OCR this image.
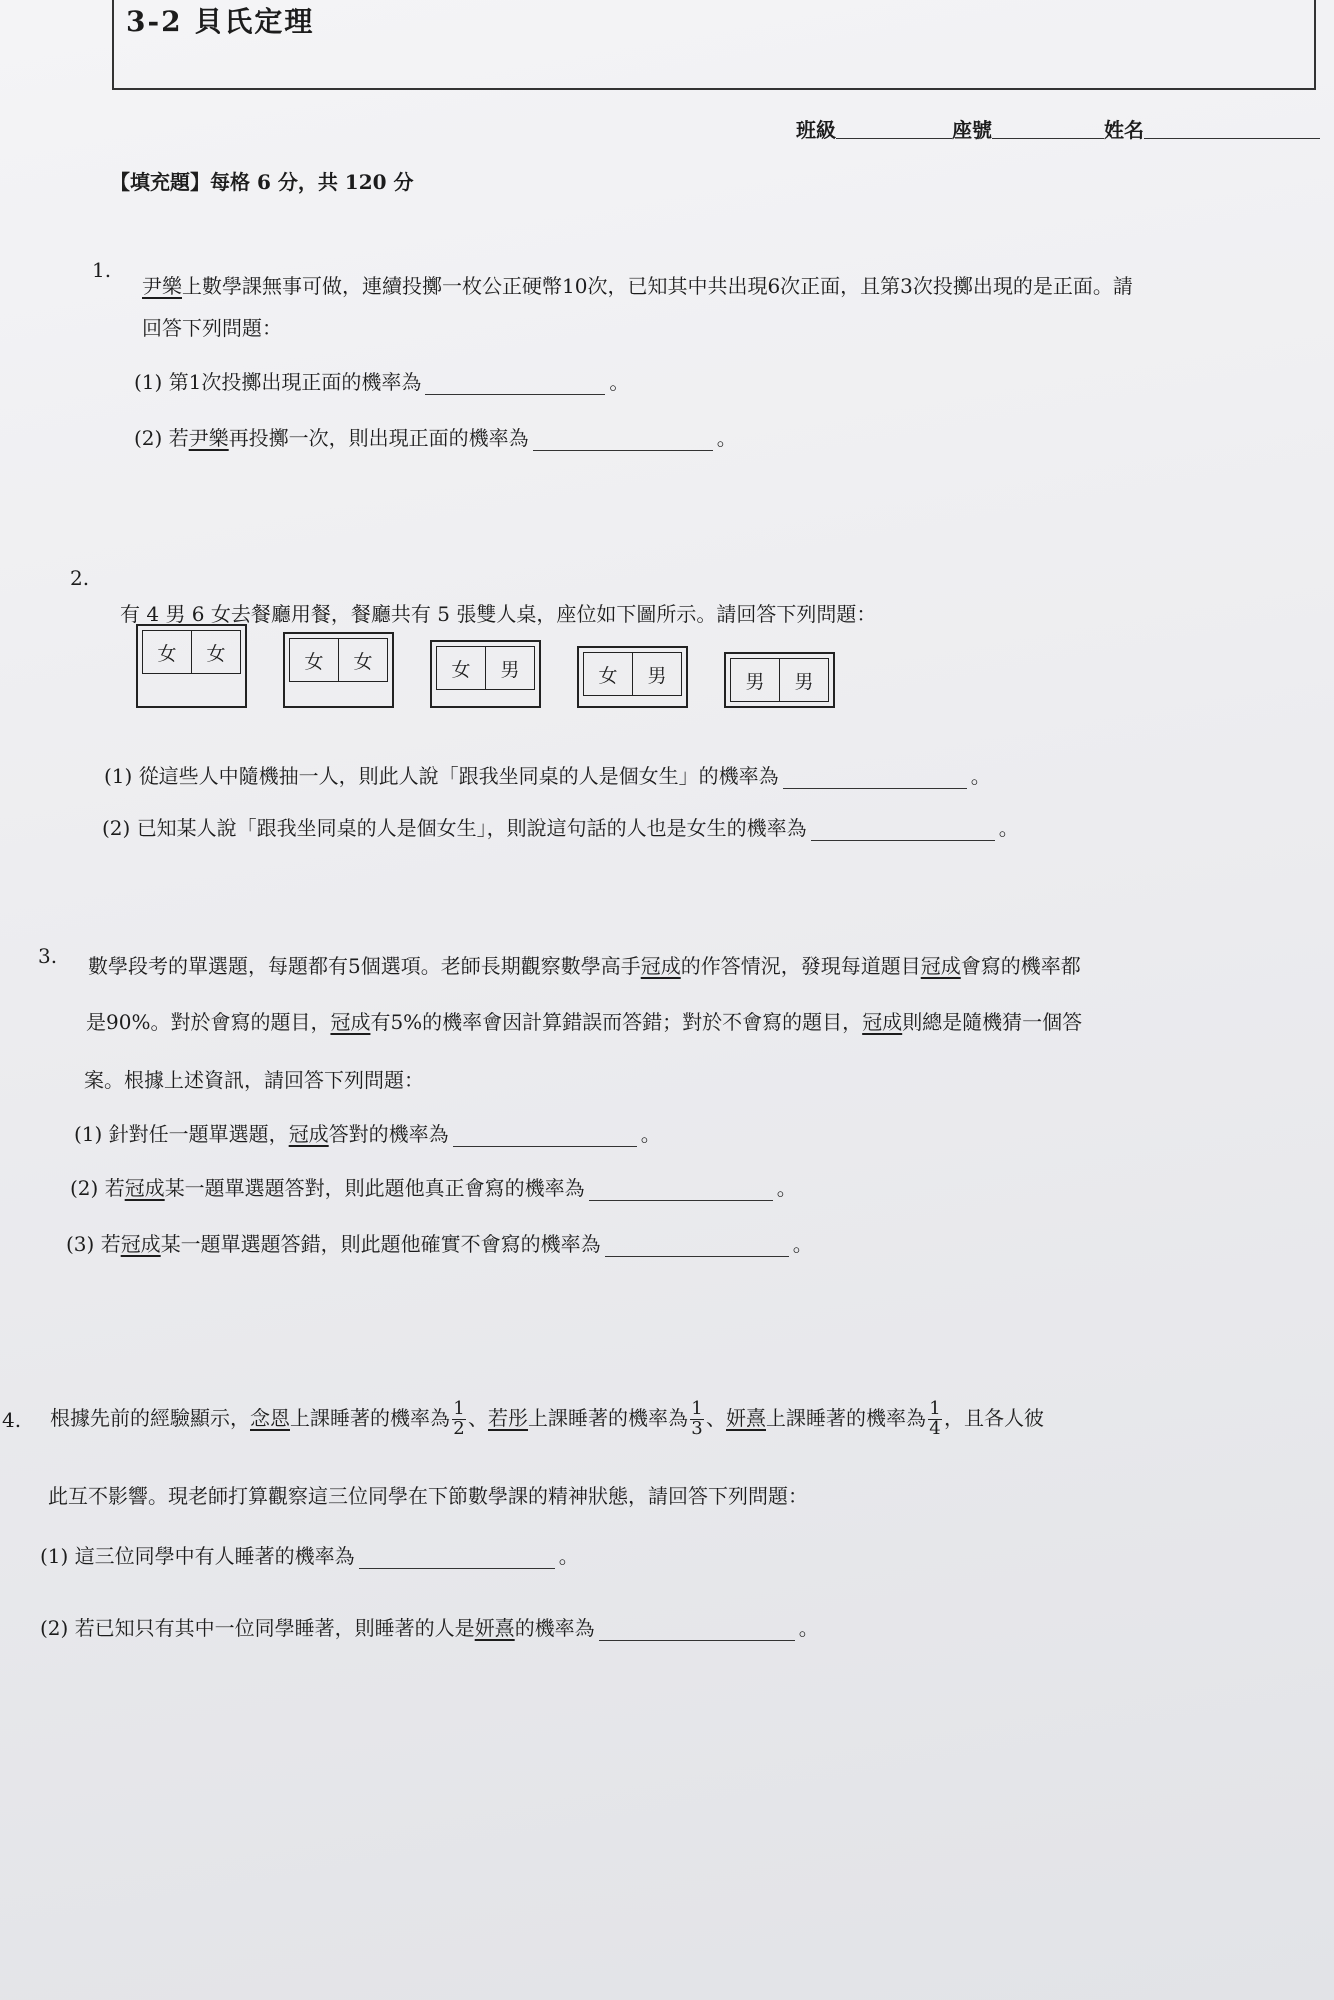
3-2 貝氏定理
班級	座號	姓名
【填充題】每格 6 分，共 120 分
1.
尹樂上數學課無事可做，連續投擲一枚公正硬幣10次，已知其中共出現6次正面，且第3次投擲出現的是正面。請
回答下列問題：
(1) 第1次投擲出現正面的機率為	。
(2) 若尹樂再投擲一次，則出現正面的機率為	。
2.
有 4 男 6 女去餐廳用餐，餐廳共有 5 張雙人桌，座位如下圖所示。請回答下列問題：
女	女	女	女	女	男	女	男	男	男
(1) 從這些人中隨機抽一人，則此人說「跟我坐同桌的人是個女生」的機率為	。
(2) 已知某人說「跟我坐同桌的人是個女生」，則說這句話的人也是女生的機率為	。
3. 數學段考的單選題，每題都有5個選項。老師長期觀察數學高手冠成的作答情況，發現每道題目冠成會寫的機率都
是90%。對於會寫的題目，冠成有5%的機率會因計算錯誤而答錯；對於不會寫的題目，冠成則總是隨機猜一個答
案。根據上述資訊，請回答下列問題：
(1) 針對任一題單選題，冠成答對的機率為	。
(2) 若冠成某一題單選題答對，則此題他真正會寫的機率為	。
(3) 若冠成某一題單選題答錯，則此題他確實不會寫的機率為	。
4. 根據先前的經驗顯示，念恩上課睡著的機率為 $\frac{1}{2}$ 、若彤上課睡著的機率為 $\frac{1}{3}$ 、妍熹上課睡著的機率為 $\frac{1}{4}$ ，且各人彼
此互不影響。現老師打算觀察這三位同學在下節數學課的精神狀態，請回答下列問題：
(1) 這三位同學中有人睡著的機率為	。
(2) 若已知只有其中一位同學睡著，則睡著的人是妍熹的機率為	。
